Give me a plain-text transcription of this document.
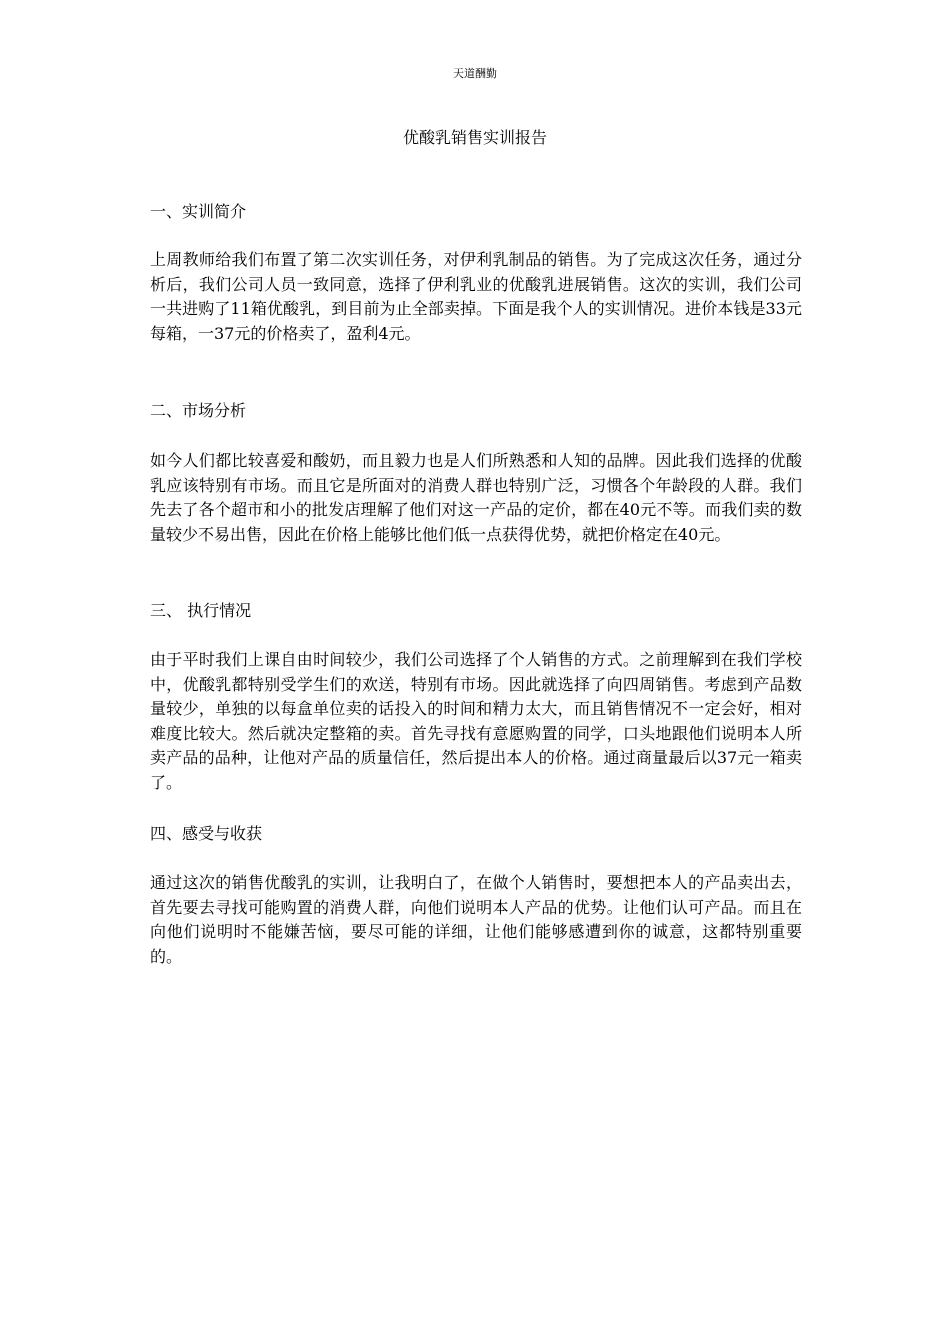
天道酬勤
优酸乳销售实训报告
一、实训简介
上周教师给我们布置了第二次实训任务，对伊利乳制品的销售。为了完成这次任务，通过分析后，我们公司人员一致同意，选择了伊利乳业的优酸乳进展销售。这次的实训，我们公司一共进购了11箱优酸乳，到目前为止全部卖掉。下面是我个人的实训情况。进价本钱是33元每箱，一37元的价格卖了，盈利4元。
二、市场分析
如今人们都比较喜爱和酸奶，而且毅力也是人们所熟悉和人知的品牌。因此我们选择的优酸乳应该特别有市场。而且它是所面对的消费人群也特别广泛，习惯各个年龄段的人群。我们先去了各个超市和小的批发店理解了他们对这一产品的定价，都在40元不等。而我们卖的数量较少不易出售，因此在价格上能够比他们低一点获得优势，就把价格定在40元。
三、 执行情况
由于平时我们上课自由时间较少，我们公司选择了个人销售的方式。之前理解到在我们学校中，优酸乳都特别受学生们的欢送，特别有市场。因此就选择了向四周销售。考虑到产品数量较少，单独的以每盒单位卖的话投入的时间和精力太大，而且销售情况不一定会好，相对难度比较大。然后就决定整箱的卖。首先寻找有意愿购置的同学，口头地跟他们说明本人所卖产品的品种，让他对产品的质量信任，然后提出本人的价格。通过商量最后以37元一箱卖了。
四、感受与收获
通过这次的销售优酸乳的实训，让我明白了，在做个人销售时，要想把本人的产品卖出去，首先要去寻找可能购置的消费人群，向他们说明本人产品的优势。让他们认可产品。而且在向他们说明时不能嫌苦恼，要尽可能的详细，让他们能够感遭到你的诚意，这都特别重要的。
